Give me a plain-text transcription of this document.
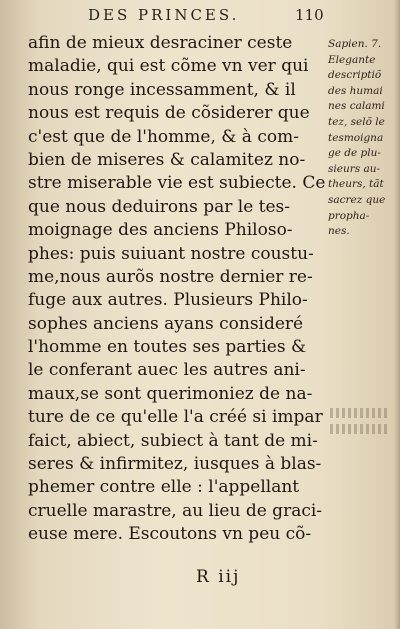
DES PRINCES.	110
afin de mieux desraciner ceste
maladie, qui est cõme vn ver qui
nous ronge incessamment, & il
nous est requis de cõsiderer que
c'est que de l'homme, & à com-
bien de miseres & calamitez no-
stre miserable vie est subiecte. Ce
que nous deduirons par le tes-
moignage des anciens Philoso-
phes: puis suiuant nostre coustu-
me,nous aurõs nostre dernier re-
fuge aux autres. Plusieurs Philo-
sophes anciens ayans consideré
l'homme en toutes ses parties &
le conferant auec les autres ani-
maux,se sont querimoniez de na-
ture de ce qu'elle l'a créé si impar
faict, abiect, subiect à tant de mi-
seres & infirmitez, iusques à blas-
phemer contre elle : l'appellant
cruelle marastre, au lieu de graci-
euse mere. Escoutons vn peu cõ-
Sapien. 7.
Elegante
descriptiõ
des humai
nes calami
tez, selõ le
tesmoigna
ge de plu-
sieurs au-
theurs, tãt
sacrez que
propha-
nes.
R iij
